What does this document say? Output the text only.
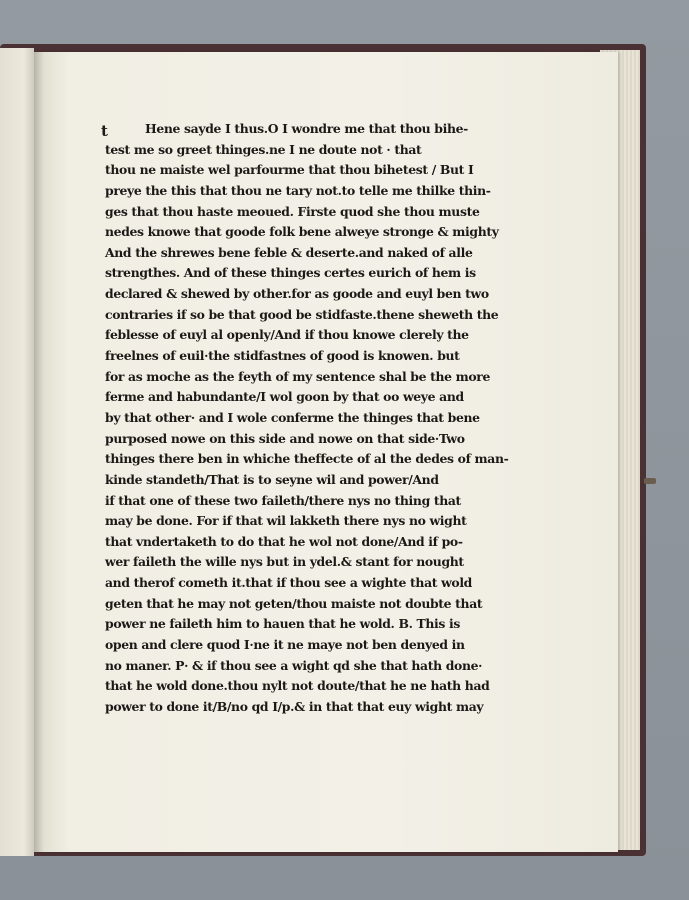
t	Hene sayde I thus.O I wondre me that thou bihe-
test me so greet thinges.ne I ne doute not · that
thou ne maiste wel parfourme that thou bihetest / But I
preye the this that thou ne tary not.to telle me thilke thin-
ges that thou haste meoued. Firste quod she thou muste
nedes knowe that goode folk bene alweye stronge & mighty
And the shrewes bene feble & deserte.and naked of alle
strengthes. And of these thinges certes eurich of hem is
declared & shewed by other.for as goode and euyl ben two
contraries if so be that good be stidfaste.thene sheweth the
feblesse of euyl al openly/And if thou knowe clerely the
freelnes of euil·the stidfastnes of good is knowen. but
for as moche as the feyth of my sentence shal be the more
ferme and habundante/I wol goon by that oo weye and
by that other· and I wole conferme the thinges that bene
purposed nowe on this side and nowe on that side·Two
thinges there ben in whiche theffecte of al the dedes of man-
kinde standeth/That is to seyne wil and power/And
if that one of these two faileth/there nys no thing that
may be done. For if that wil lakketh there nys no wight
that vndertaketh to do that he wol not done/And if po-
wer faileth the wille nys but in ydel.& stant for nought
and therof cometh it.that if thou see a wighte that wold
geten that he may not geten/thou maiste not doubte that
power ne faileth him to hauen that he wold. B. This is
open and clere quod I·ne it ne maye not ben denyed in
no maner. P· & if thou see a wight qd she that hath done·
that he wold done.thou nylt not doute/that he ne hath had
power to done it/B/no qd I/p.& in that that euy wight may
